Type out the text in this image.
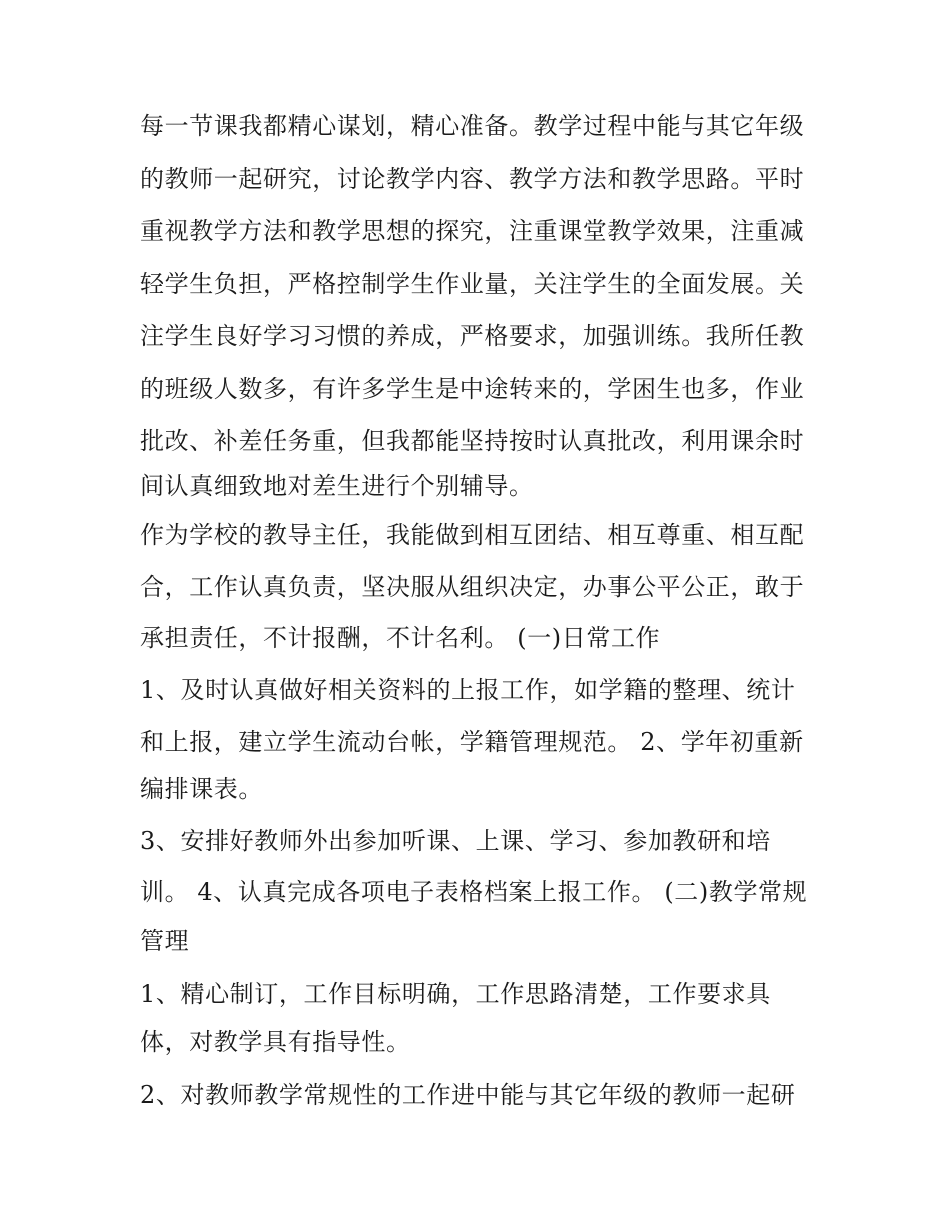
每一节课我都精心谋划，精心准备。教学过程中能与其它年级
的教师一起研究，讨论教学内容、教学方法和教学思路。平时
重视教学方法和教学思想的探究，注重课堂教学效果，注重减
轻学生负担，严格控制学生作业量，关注学生的全面发展。关
注学生良好学习习惯的养成，严格要求，加强训练。我所任教
的班级人数多，有许多学生是中途转来的，学困生也多，作业
批改、补差任务重，但我都能坚持按时认真批改，利用课余时
间认真细致地对差生进行个别辅导。
作为学校的教导主任，我能做到相互团结、相互尊重、相互配
合，工作认真负责，坚决服从组织决定，办事公平公正，敢于
承担责任，不计报酬，不计名利。 (一)日常工作
1、及时认真做好相关资料的上报工作，如学籍的整理、统计
和上报，建立学生流动台帐，学籍管理规范。 2、学年初重新
编排课表。
3、安排好教师外出参加听课、上课、学习、参加教研和培
训。 4、认真完成各项电子表格档案上报工作。 (二)教学常规
管理
1、精心制订，工作目标明确，工作思路清楚，工作要求具
体，对教学具有指导性。
2、对教师教学常规性的工作进中能与其它年级的教师一起研
